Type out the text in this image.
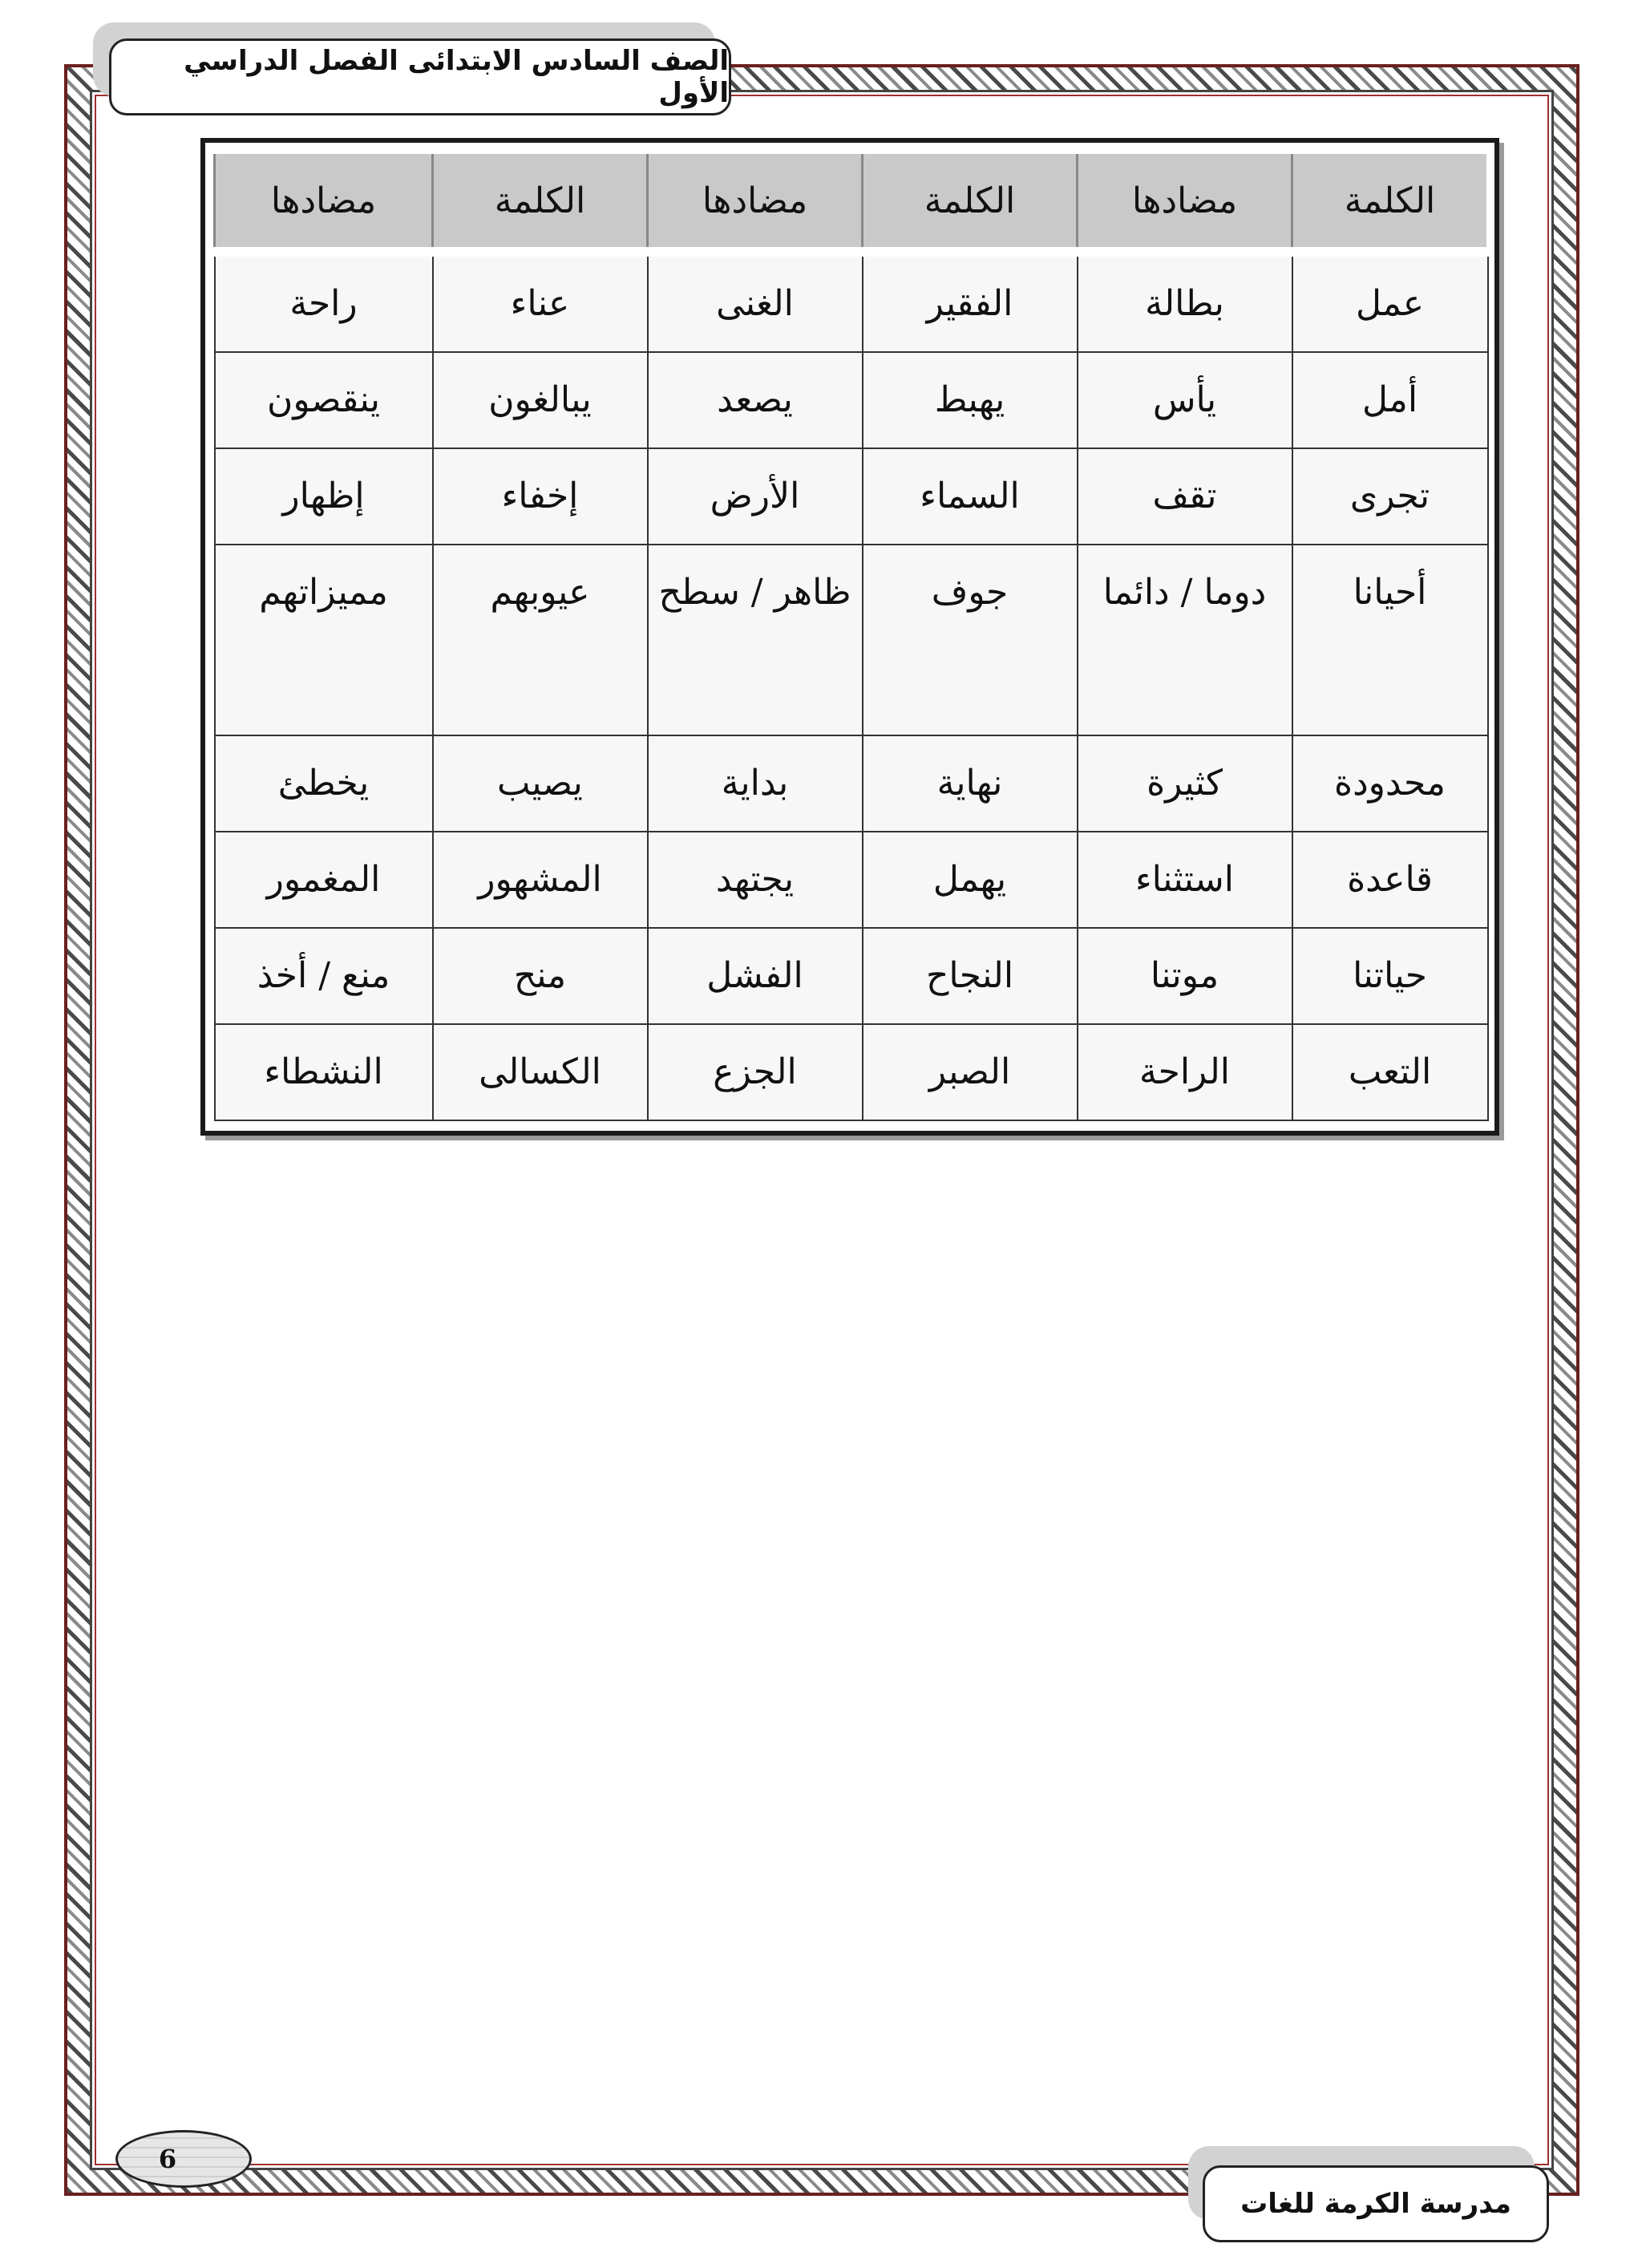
الصف السادس الابتدائى الفصل الدراسي الأول
الكلمة	مضادها	الكلمة	مضادها	الكلمة	مضادها
عمل	بطالة	الفقير	الغنى	عناء	راحة
أمل	يأس	يهبط	يصعد	يبالغون	ينقصون
تجرى	تقف	السماء	الأرض	إخفاء	إظهار
أحيانا	دوما / دائما	جوف	ظاهر / سطح	عيوبهم	مميزاتهم
محدودة	كثيرة	نهاية	بداية	يصيب	يخطئ
قاعدة	استثناء	يهمل	يجتهد	المشهور	المغمور
حياتنا	موتنا	النجاح	الفشل	منح	منع / أخذ
التعب	الراحة	الصبر	الجزع	الكسالى	النشطاء
6
مدرسة الكرمة للغات
